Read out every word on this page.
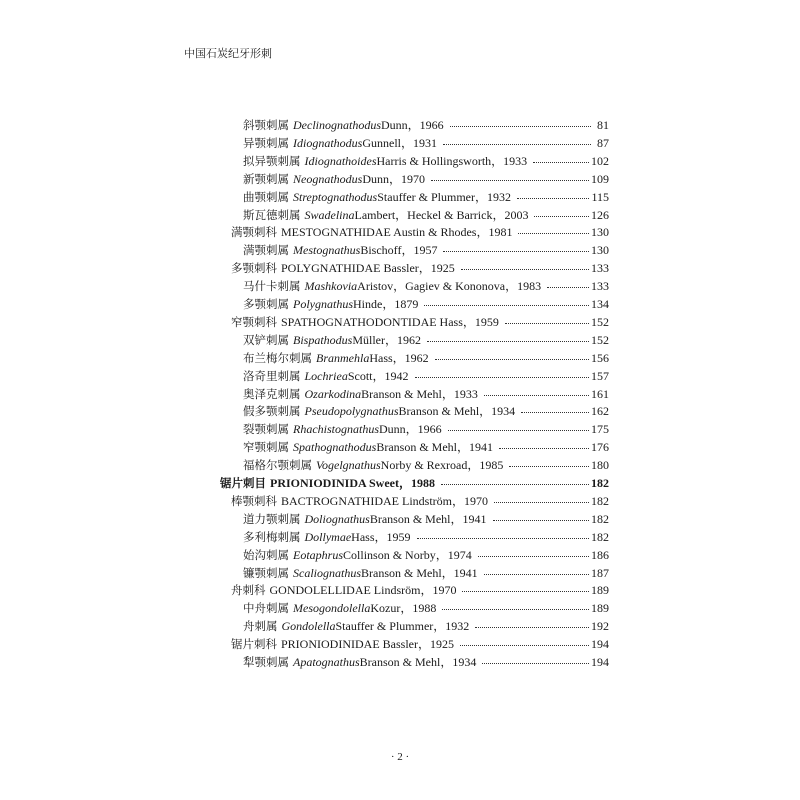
中国石炭纪牙形刺
斜颚刺属 Declinognathodus Dunn，1966	81
异颚刺属 Idiognathodus Gunnell，1931	87
拟异颚刺属 Idiognathoides Harris & Hollingsworth，1933	102
新颚刺属 Neognathodus Dunn，1970	109
曲颚刺属 Streptognathodus Stauffer & Plummer，1932	115
斯瓦德刺属 Swadelina Lambert，Heckel & Barrick，2003	126
满颚刺科 MESTOGNATHIDAE Austin & Rhodes，1981	130
满颚刺属 Mestognathus Bischoff，1957	130
多颚刺科 POLYGNATHIDAE Bassler，1925	133
马什卡刺属 Mashkovia Aristov，Gagiev & Kononova，1983	133
多颚刺属 Polygnathus Hinde，1879	134
窄颚刺科 SPATHOGNATHODONTIDAE Hass，1959	152
双铲刺属 Bispathodus Müller，1962	152
布兰梅尔刺属 Branmehla Hass，1962	156
洛奇里刺属 Lochriea Scott，1942	157
奥泽克刺属 Ozarkodina Branson & Mehl，1933	161
假多颚刺属 Pseudopolygnathus Branson & Mehl，1934	162
裂颚刺属 Rhachistognathus Dunn，1966	175
窄颚刺属 Spathognathodus Branson & Mehl，1941	176
福格尔颚刺属 Vogelgnathus Norby & Rexroad，1985	180
锯片刺目 PRIONIODINIDA Sweet，1988	182
棒颚刺科 BACTROGNATHIDAE Lindström，1970	182
道力颚刺属 Doliognathus Branson & Mehl，1941	182
多利梅刺属 Dollymae Hass，1959	182
始沟刺属 Eotaphrus Collinson & Norby，1974	186
镰颚刺属 Scaliognathus Branson & Mehl，1941	187
舟刺科 GONDOLELLIDAE Lindsröm，1970	189
中舟刺属 Mesogondolella Kozur，1988	189
舟刺属 Gondolella Stauffer & Plummer，1932	192
锯片刺科 PRIONIODINIDAE Bassler，1925	194
犁颚刺属 Apatognathus Branson & Mehl，1934	194
· 2 ·
